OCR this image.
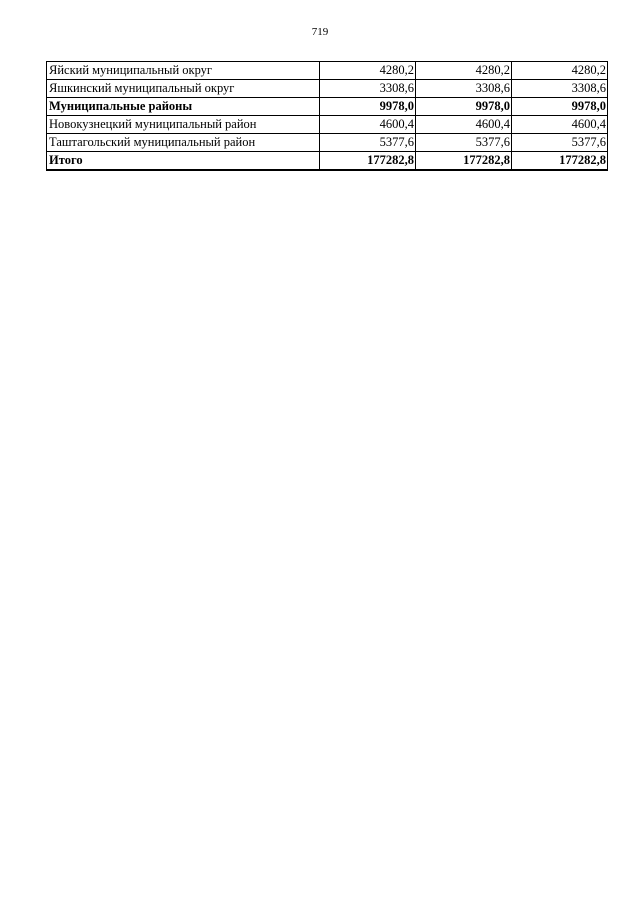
719
Яйский муниципальный округ	4280,2	4280,2	4280,2
Яшкинский муниципальный округ	3308,6	3308,6	3308,6
Муниципальные районы	9978,0	9978,0	9978,0
Новокузнецкий муниципальный район	4600,4	4600,4	4600,4
Таштагольский муниципальный район	5377,6	5377,6	5377,6
Итого	177282,8	177282,8	177282,8
